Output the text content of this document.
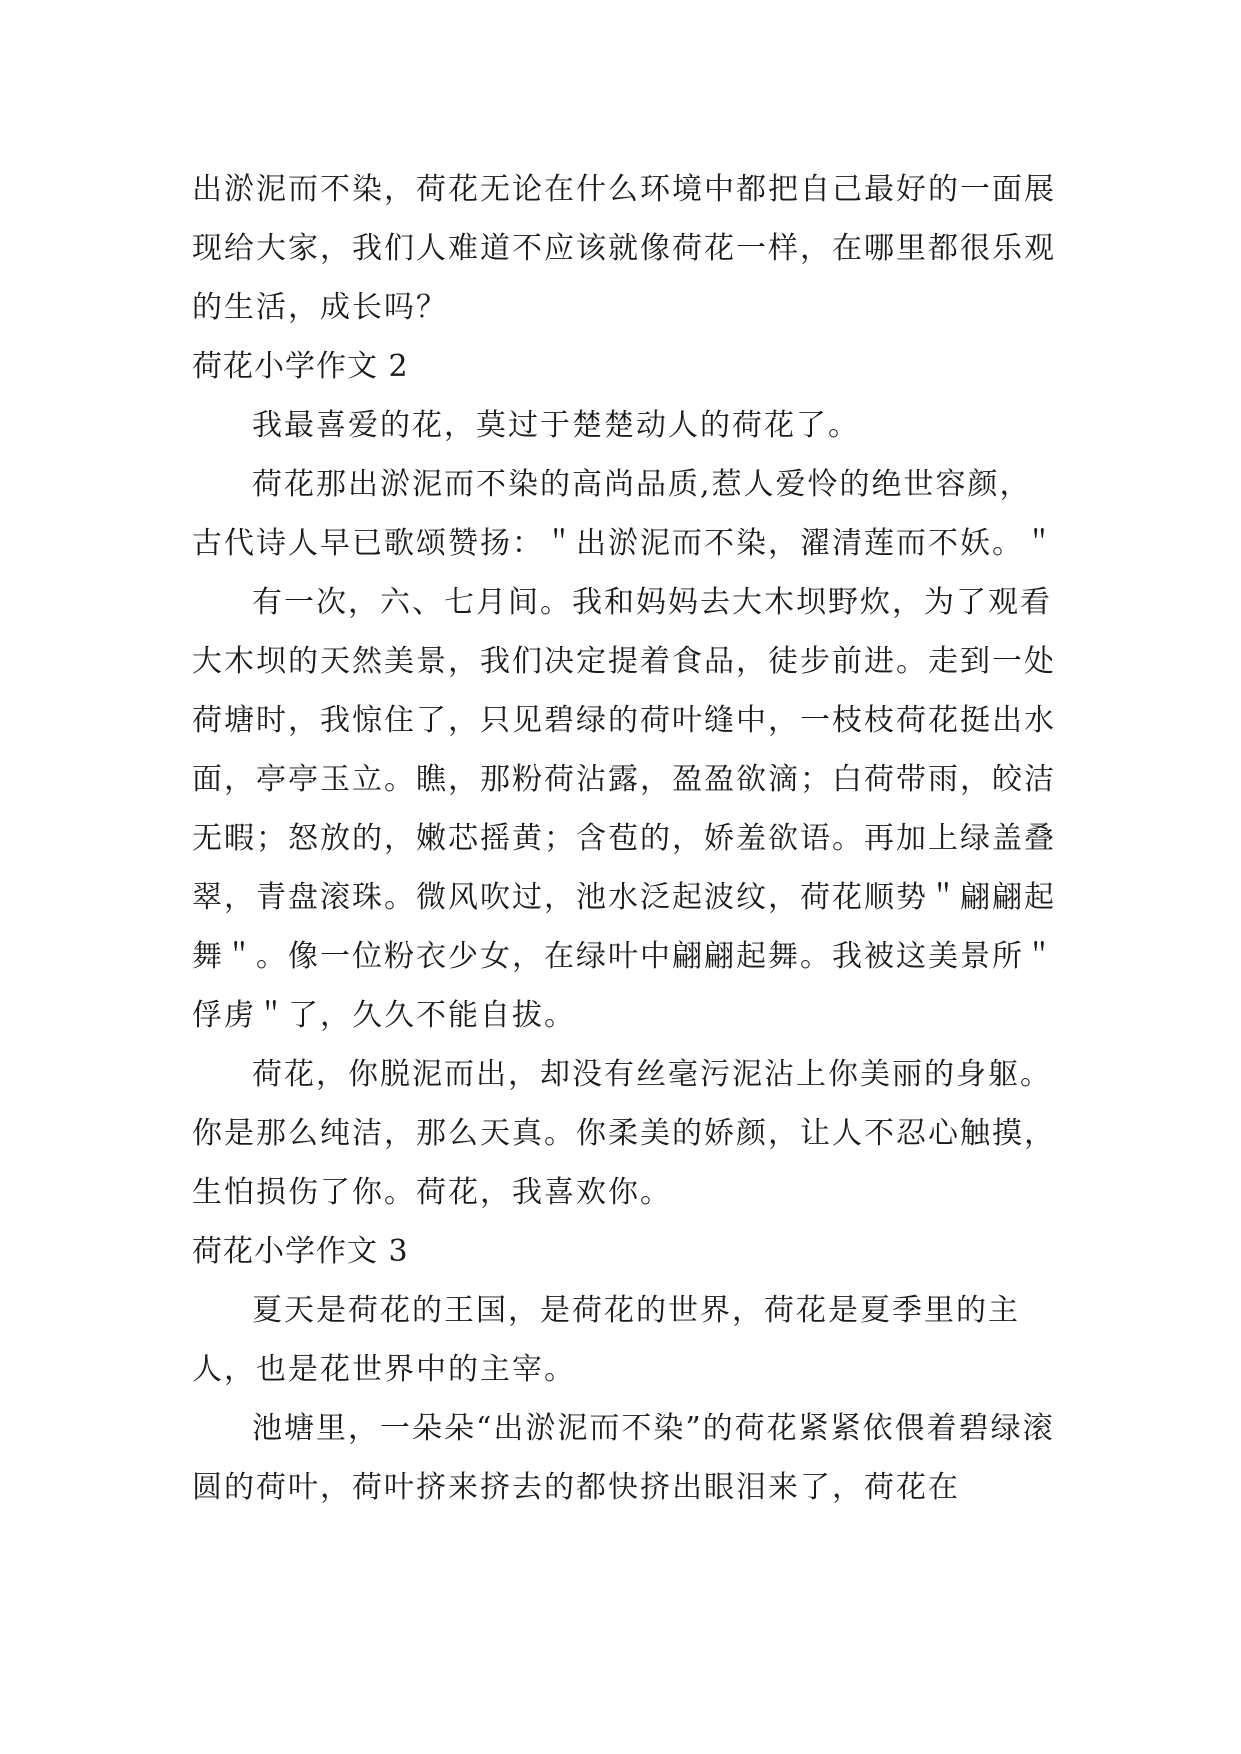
出淤泥而不染，荷花无论在什么环境中都把自己最好的一面展现给大家，我们人难道不应该就像荷花一样，在哪里都很乐观的生活，成长吗？

荷花小学作文 2

我最喜爱的花，莫过于楚楚动人的荷花了。

荷花那出淤泥而不染的高尚品质,惹人爱怜的绝世容颜，古代诗人早已歌颂赞扬：＂出淤泥而不染，濯清莲而不妖。＂

有一次，六、七月间。我和妈妈去大木坝野炊，为了观看大木坝的天然美景，我们决定提着食品，徒步前进。走到一处荷塘时，我惊住了，只见碧绿的荷叶缝中，一枝枝荷花挺出水面，亭亭玉立。瞧，那粉荷沾露，盈盈欲滴；白荷带雨，皎洁无暇；怒放的，嫩芯摇黄；含苞的，娇羞欲语。再加上绿盖叠翠，青盘滚珠。微风吹过，池水泛起波纹，荷花顺势＂翩翩起舞＂。像一位粉衣少女，在绿叶中翩翩起舞。我被这美景所＂俘虏＂了，久久不能自拔。

荷花，你脱泥而出，却没有丝毫污泥沾上你美丽的身躯。你是那么纯洁，那么天真。你柔美的娇颜，让人不忍心触摸，生怕损伤了你。荷花，我喜欢你。

荷花小学作文 3

夏天是荷花的王国，是荷花的世界，荷花是夏季里的主人，也是花世界中的主宰。

池塘里，一朵朵“出淤泥而不染”的荷花紧紧依偎着碧绿滚圆的荷叶，荷叶挤来挤去的都快挤出眼泪来了，荷花在
